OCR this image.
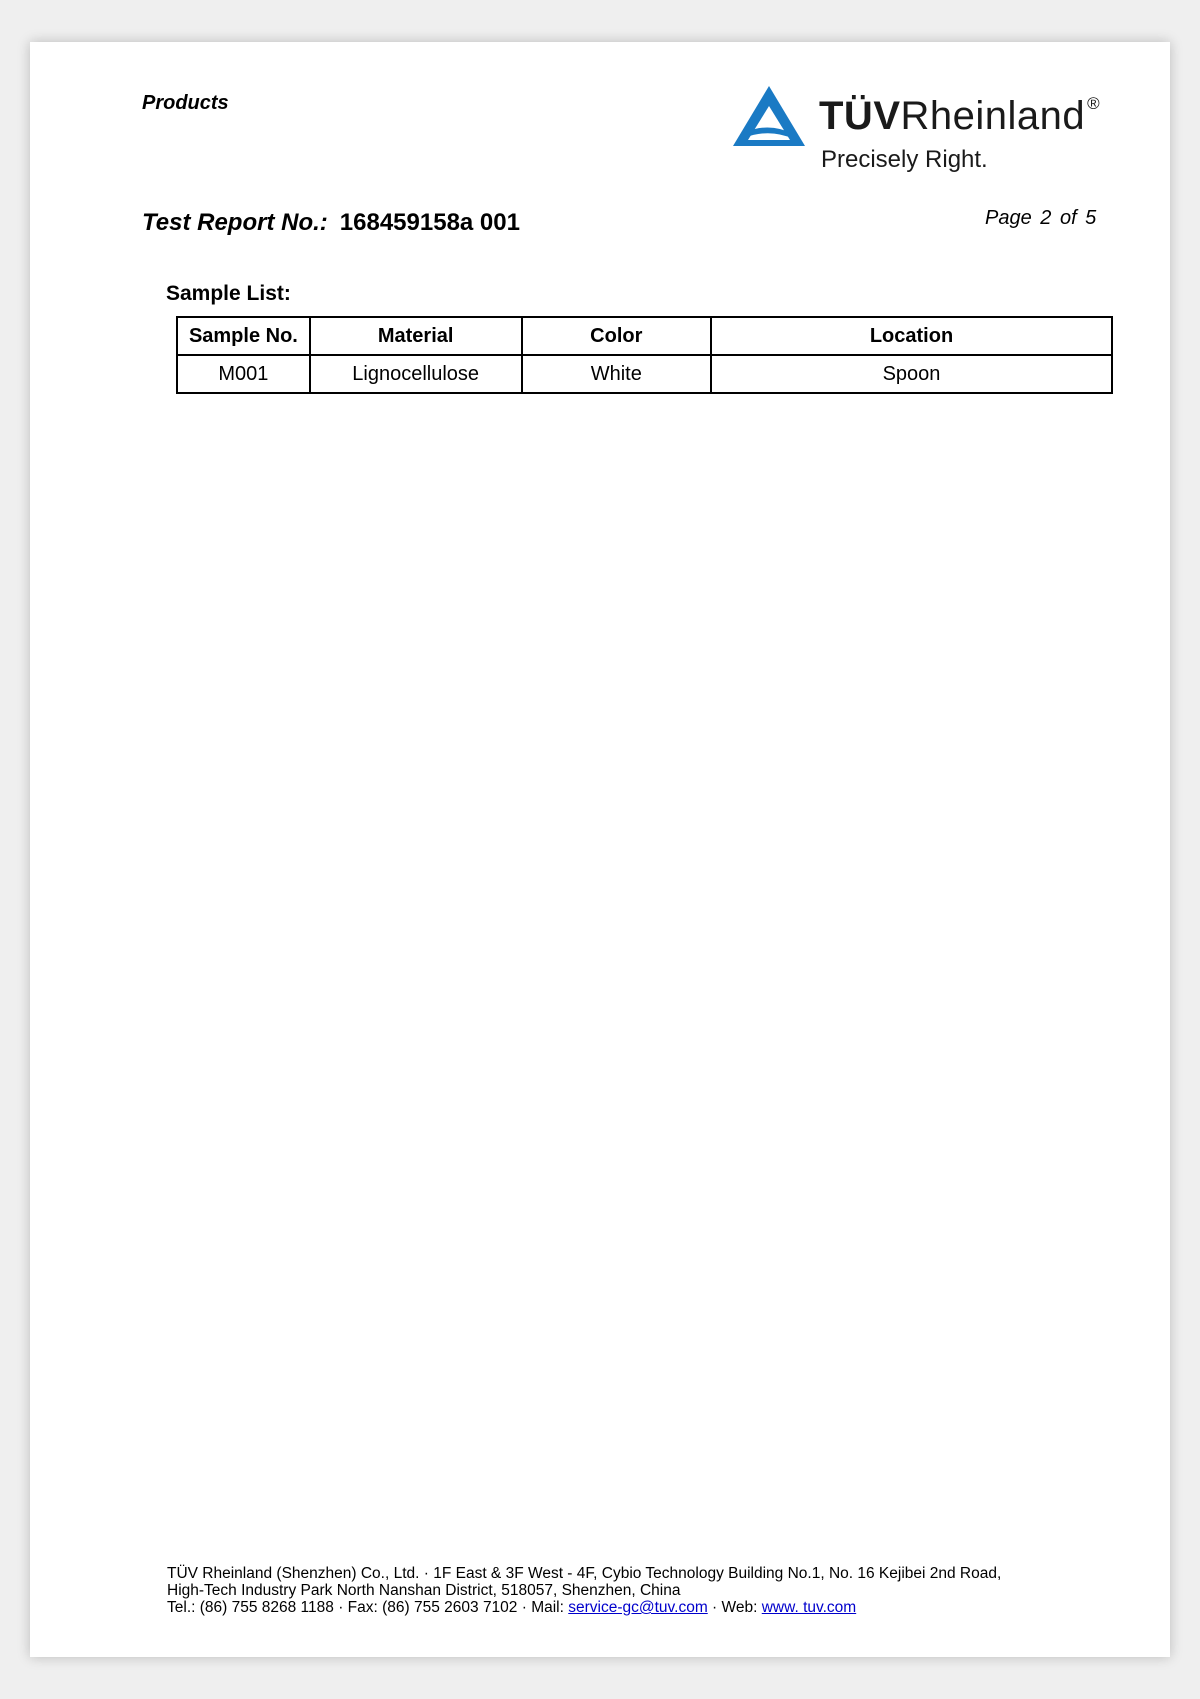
Products	TÜVRheinland ®
Precisely Right.
Test Report No.: 168459158a 001	Page 2 of 5
Sample List:
Sample No.	Material	Color	Location
M001	Lignocellulose	White	Spoon
TÜV Rheinland (Shenzhen) Co., Ltd. · 1F East & 3F West - 4F, Cybio Technology Building No.1, No. 16 Kejibei 2nd Road,
High-Tech Industry Park North Nanshan District, 518057, Shenzhen, China
Tel.: (86) 755 8268 1188 · Fax: (86) 755 2603 7102 · Mail: service-gc@tuv.com · Web: www. tuv.com
